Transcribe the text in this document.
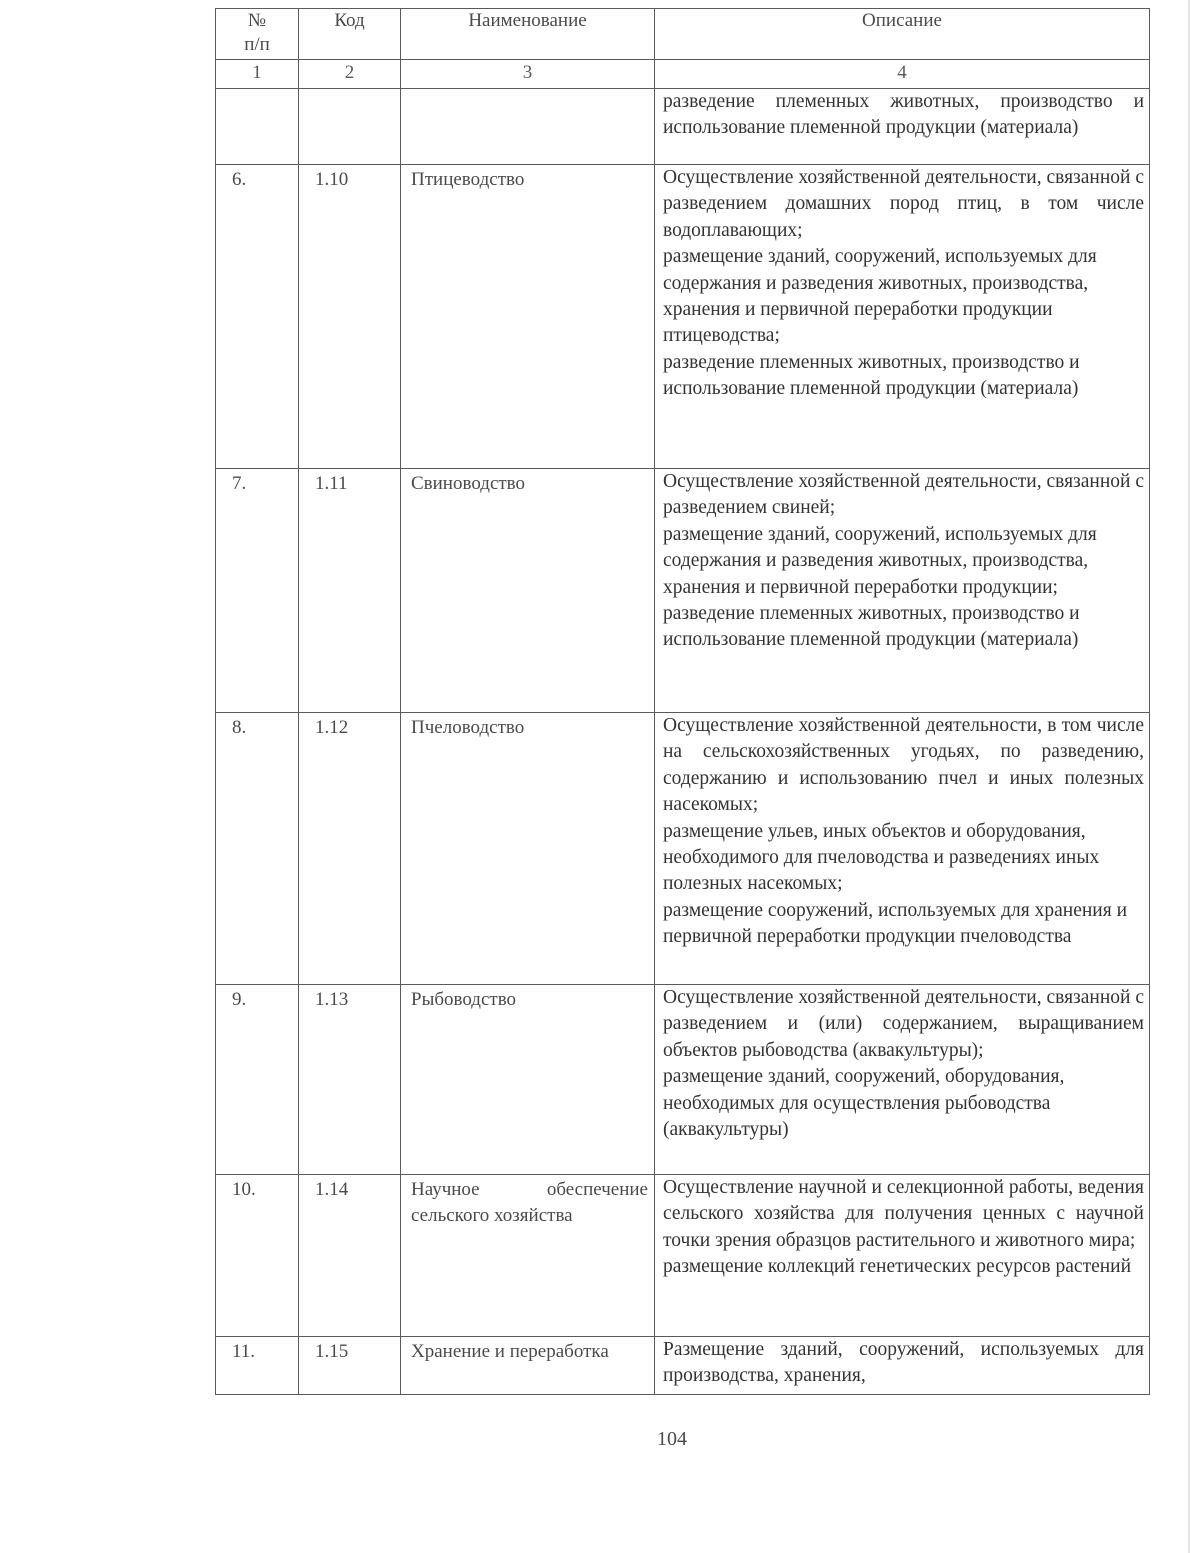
№
п/п	Код	Наименование	Описание

1	2	3	4

			разведение племенных животных, производство и использование племенной продукции (материала)

6.	1.10	Птицеводство	Осуществление хозяйственной деятельности, связанной с разведением домашних пород птиц, в том числе водоплавающих;
размещение зданий, сооружений, используемых для содержания и разведения животных, производства, хранения и первичной переработки продукции птицеводства;
разведение племенных животных, производство и использование племенной продукции (материала)

7.	1.11	Свиноводство	Осуществление хозяйственной деятельности, связанной с разведением свиней;
размещение зданий, сооружений, используемых для содержания и разведения животных, производства, хранения и первичной переработки продукции;
разведение племенных животных, производство и использование племенной продукции (материала)

8.	1.12	Пчеловодство	Осуществление хозяйственной деятельности, в том числе на сельскохозяйственных угодьях, по разведению, содержанию и использованию пчел и иных полезных насекомых;
размещение ульев, иных объектов и оборудования, необходимого для пчеловодства и разведениях иных полезных насекомых;
размещение сооружений, используемых для хранения и первичной переработки продукции пчеловодства

9.	1.13	Рыбоводство	Осуществление хозяйственной деятельности, связанной с разведением и (или) содержанием, выращиванием объектов рыбоводства (аквакультуры);
размещение зданий, сооружений, оборудования, необходимых для осуществления рыбоводства (аквакультуры)

10.	1.14	Научное обеспечение сельского хозяйства	Осуществление научной и селекционной работы, ведения сельского хозяйства для получения ценных с научной точки зрения образцов растительного и животного мира;
размещение коллекций генетических ресурсов растений

11.	1.15	Хранение и переработка	Размещение зданий, сооружений, используемых для производства, хранения,
104
